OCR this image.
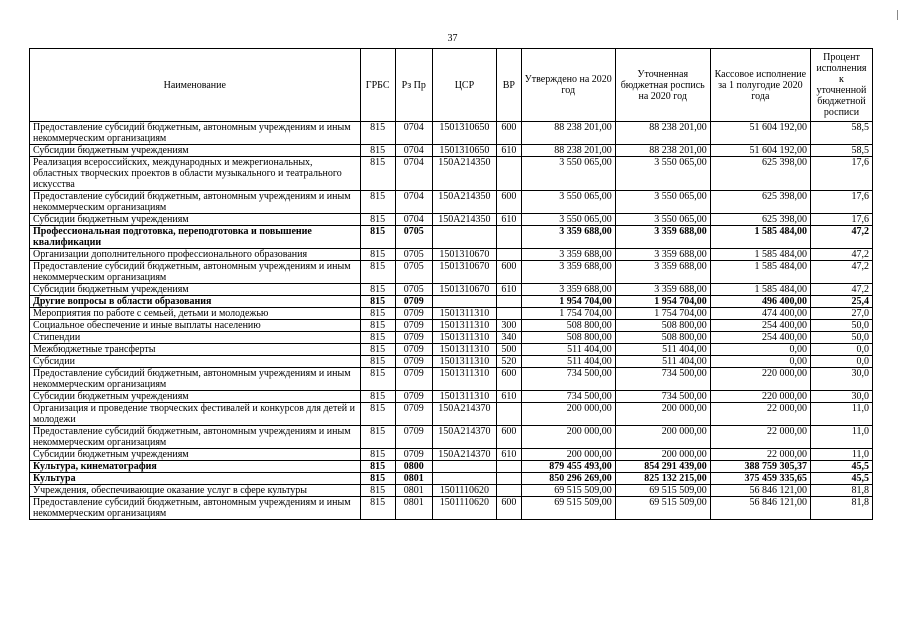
37
Наименование	ГРБС	Рз Пр	ЦСР	ВР	Утверждено на 2020 год	Уточненная бюджетная роспись на 2020 год	Кассовое исполнение за 1 полугодие 2020 года	Процент исполнения к уточненной бюджетной росписи
Предоставление субсидий бюджетным, автономным учреждениям и иным некоммерческим организациям	815	0704	1501310650	600	88 238 201,00	88 238 201,00	51 604 192,00	58,5
Субсидии бюджетным учреждениям	815	0704	1501310650	610	88 238 201,00	88 238 201,00	51 604 192,00	58,5
Реализация всероссийских, международных и межрегиональных, областных творческих проектов в области музыкального и театрального искусства	815	0704	150А214350		3 550 065,00	3 550 065,00	625 398,00	17,6
Предоставление субсидий бюджетным, автономным учреждениям и иным некоммерческим организациям	815	0704	150А214350	600	3 550 065,00	3 550 065,00	625 398,00	17,6
Субсидии бюджетным учреждениям	815	0704	150А214350	610	3 550 065,00	3 550 065,00	625 398,00	17,6
Профессиональная подготовка, переподготовка и повышение квалификации	815	0705			3 359 688,00	3 359 688,00	1 585 484,00	47,2
Организации дополнительного профессионального образования	815	0705	1501310670		3 359 688,00	3 359 688,00	1 585 484,00	47,2
Предоставление субсидий бюджетным, автономным учреждениям и иным некоммерческим организациям	815	0705	1501310670	600	3 359 688,00	3 359 688,00	1 585 484,00	47,2
Субсидии бюджетным учреждениям	815	0705	1501310670	610	3 359 688,00	3 359 688,00	1 585 484,00	47,2
Другие вопросы в области образования	815	0709			1 954 704,00	1 954 704,00	496 400,00	25,4
Мероприятия по работе с семьей, детьми и молодежью	815	0709	1501311310		1 754 704,00	1 754 704,00	474 400,00	27,0
Социальное обеспечение и иные выплаты населению	815	0709	1501311310	300	508 800,00	508 800,00	254 400,00	50,0
Стипендии	815	0709	1501311310	340	508 800,00	508 800,00	254 400,00	50,0
Межбюджетные трансферты	815	0709	1501311310	500	511 404,00	511 404,00	0,00	0,0
Субсидии	815	0709	1501311310	520	511 404,00	511 404,00	0,00	0,0
Предоставление субсидий бюджетным, автономным учреждениям и иным некоммерческим организациям	815	0709	1501311310	600	734 500,00	734 500,00	220 000,00	30,0
Субсидии бюджетным учреждениям	815	0709	1501311310	610	734 500,00	734 500,00	220 000,00	30,0
Организация и проведение творческих фестивалей и конкурсов для детей и молодежи	815	0709	150А214370		200 000,00	200 000,00	22 000,00	11,0
Предоставление субсидий бюджетным, автономным учреждениям и иным некоммерческим организациям	815	0709	150А214370	600	200 000,00	200 000,00	22 000,00	11,0
Субсидии бюджетным учреждениям	815	0709	150А214370	610	200 000,00	200 000,00	22 000,00	11,0
Культура, кинематография	815	0800			879 455 493,00	854 291 439,00	388 759 305,37	45,5
Культура	815	0801			850 296 269,00	825 132 215,00	375 459 335,65	45,5
Учреждения, обеспечивающие оказание услуг в сфере культуры	815	0801	1501110620		69 515 509,00	69 515 509,00	56 846 121,00	81,8
Предоставление субсидий бюджетным, автономным учреждениям и иным некоммерческим организациям	815	0801	1501110620	600	69 515 509,00	69 515 509,00	56 846 121,00	81,8
